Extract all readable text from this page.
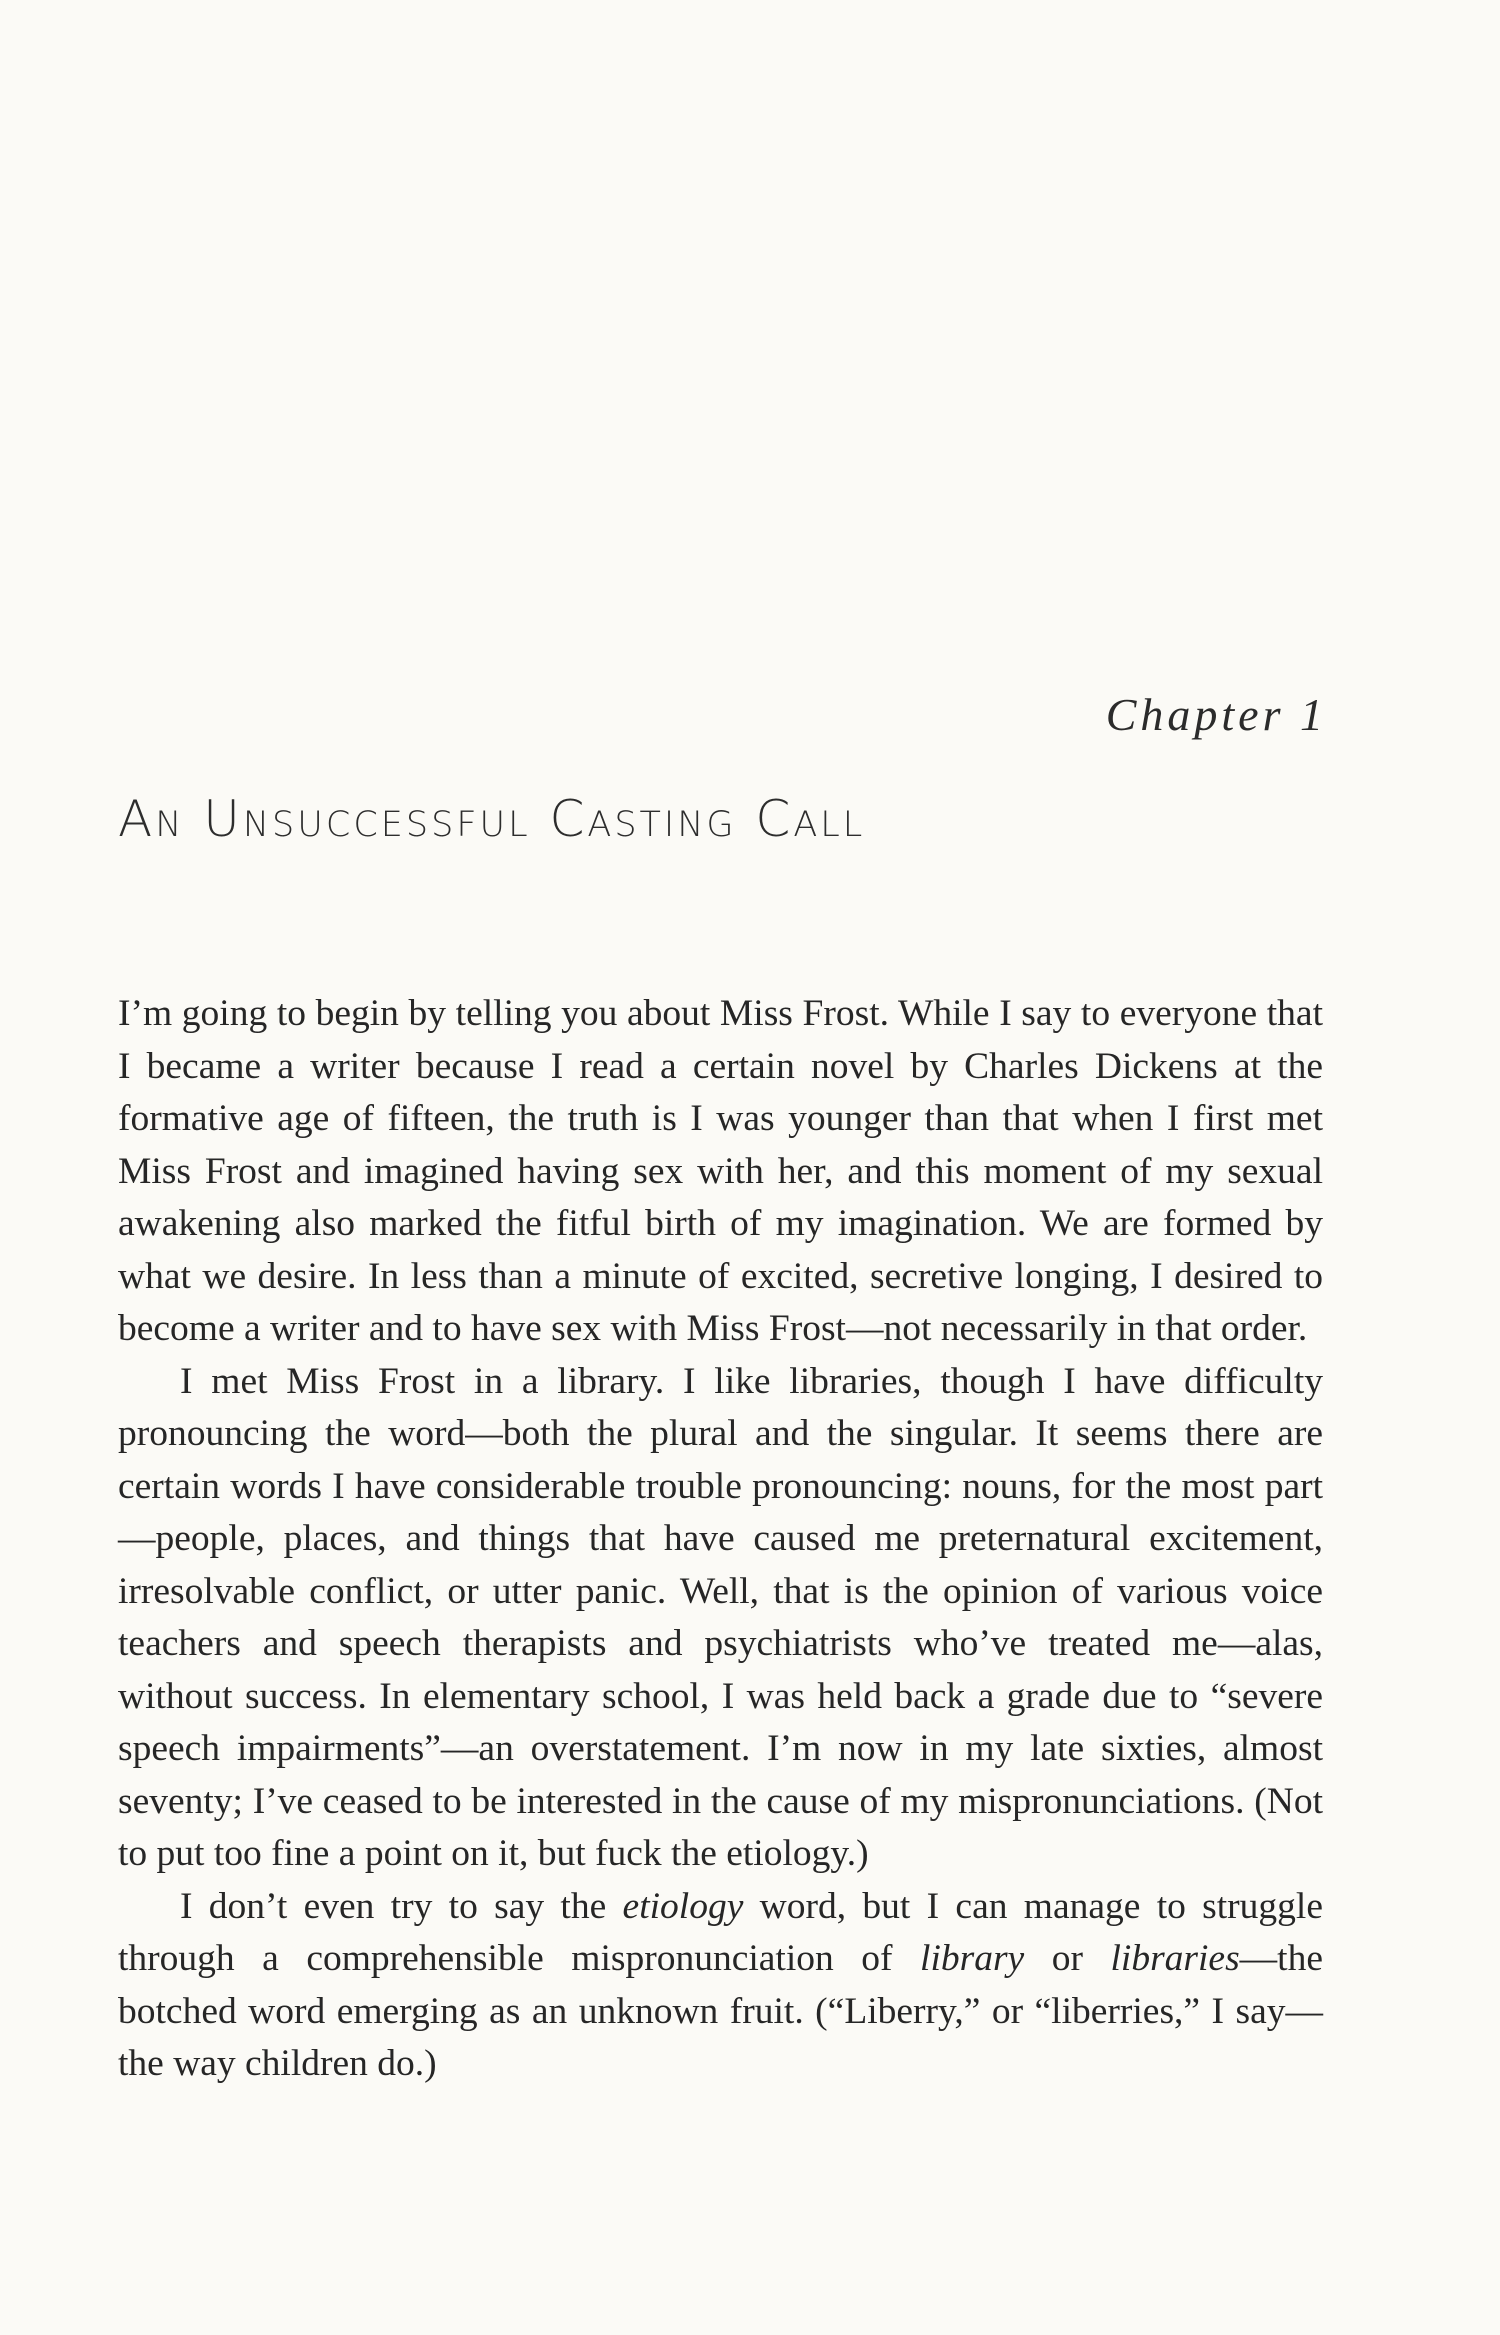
Chapter 1
An Unsuccessful Casting Call

I’m going to begin by telling you about Miss Frost. While I say to everyone that I became a writer because I read a certain novel by Charles Dickens at the formative age of fifteen, the truth is I was younger than that when I first met Miss Frost and imagined having sex with her, and this moment of my sexual awakening also marked the fitful birth of my imagination. We are formed by what we desire. In less than a minute of excited, secretive longing, I desired to become a writer and to have sex with Miss Frost—not necessarily in that order.

I met Miss Frost in a library. I like libraries, though I have difficulty pronouncing the word—both the plural and the singular. It seems there are certain words I have considerable trouble pronouncing: nouns, for the most part—people, places, and things that have caused me preternatural excitement, irresolvable conflict, or utter panic. Well, that is the opinion of various voice teachers and speech therapists and psychiatrists who’ve treated me—alas, without success. In elementary school, I was held back a grade due to “severe speech impairments”—an overstatement. I’m now in my late sixties, almost seventy; I’ve ceased to be interested in the cause of my mispronunciations. (Not to put too fine a point on it, but fuck the etiology.)

I don’t even try to say the etiology word, but I can manage to struggle through a comprehensible mispronunciation of library or libraries—the botched word emerging as an unknown fruit. (“Liberry,” or “liberries,” I say—the way children do.)
